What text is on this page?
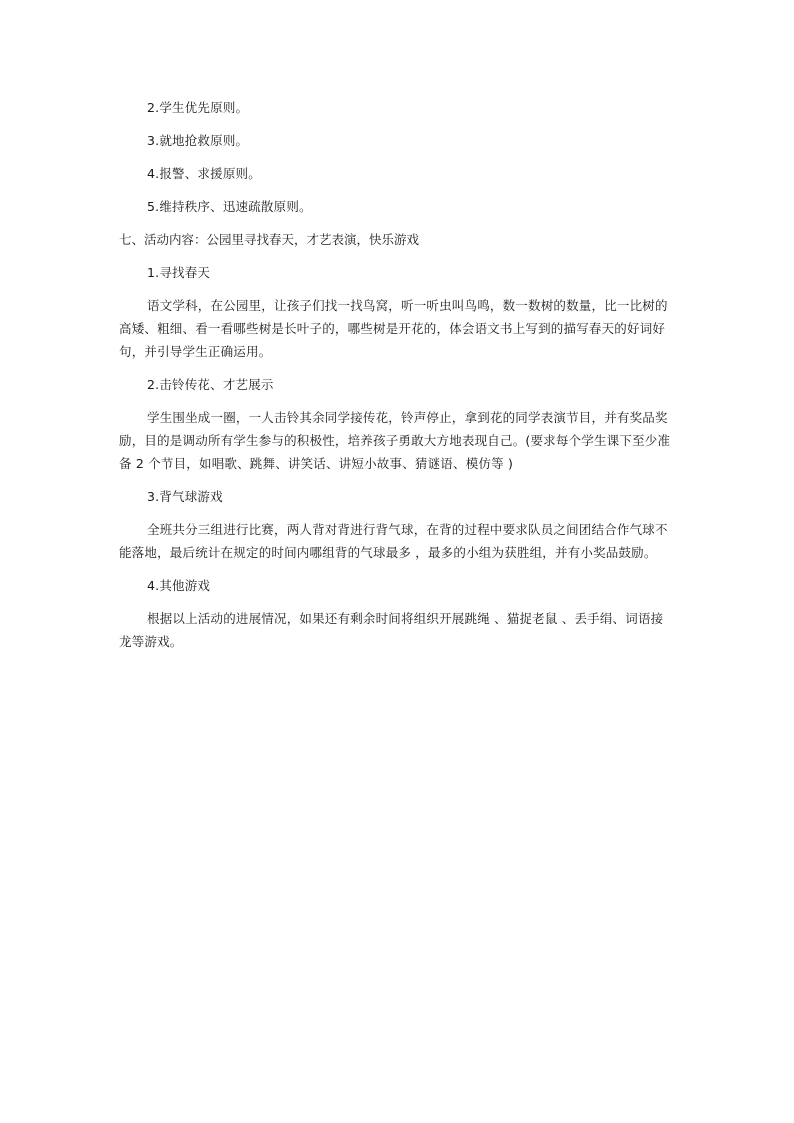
2.学生优先原则。

3.就地抢救原则。

4.报警、求援原则。

5.维持秩序、迅速疏散原则。

七、活动内容：公园里寻找春天，才艺表演，快乐游戏

1.寻找春天

语文学科，在公园里，让孩子们找一找鸟窝，听一听虫叫鸟鸣，数一数树的数量，比一比树的高矮、粗细、看一看哪些树是长叶子的，哪些树是开花的，体会语文书上写到的描写春天的好词好句，并引导学生正确运用。

2.击铃传花、才艺展示

学生围坐成一圈，一人击铃其余同学接传花，铃声停止，拿到花的同学表演节目，并有奖品奖励，目的是调动所有学生参与的积极性，培养孩子勇敢大方地表现自己。(要求每个学生课下至少准备 2 个节目，如唱歌、跳舞、讲笑话、讲短小故事、猜谜语、模仿等 )

3.背气球游戏

全班共分三组进行比赛，两人背对背进行背气球，在背的过程中要求队员之间团结合作气球不能落地，最后统计在规定的时间内哪组背的气球最多 ，最多的小组为获胜组，并有小奖品鼓励。

4.其他游戏

根据以上活动的进展情况，如果还有剩余时间将组织开展跳绳 、猫捉老鼠 、丢手绢、词语接龙等游戏。
